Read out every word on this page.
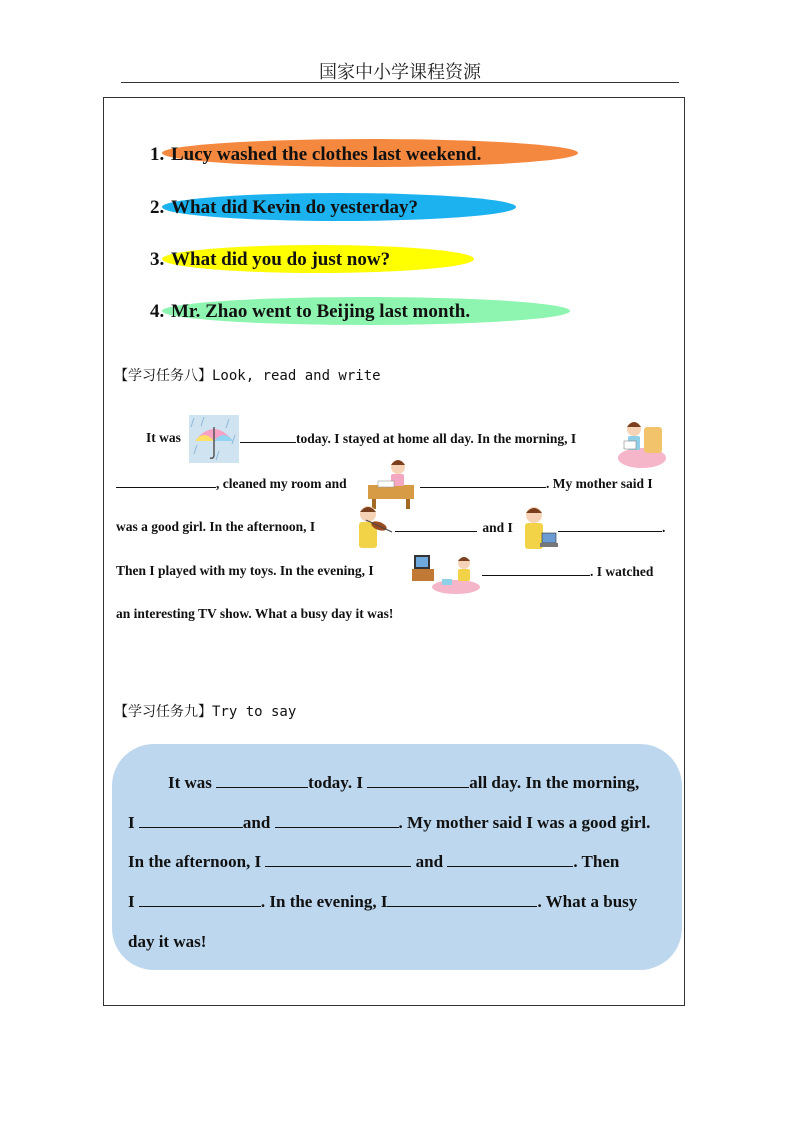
国家中小学课程资源
1. Lucy washed the clothes last weekend.
2. What did Kevin do yesterday?
3. What did you do just now?
4. Mr. Zhao went to Beijing last month.
【学习任务八】Look, read and write
It was	today. I stayed at home all day. In the morning, I
, cleaned my room and	. My mother said I
was a good girl. In the afternoon, I	and I	.
Then I played with my toys. In the evening, I	. I watched
an interesting TV show. What a busy day it was!
【学习任务九】Try to say
It was	today. I	all day. In the morning,
I	and	. My mother said I was a good girl.
In the afternoon, I	and	. Then
I	. In the evening, I	. What a busy
day it was!
